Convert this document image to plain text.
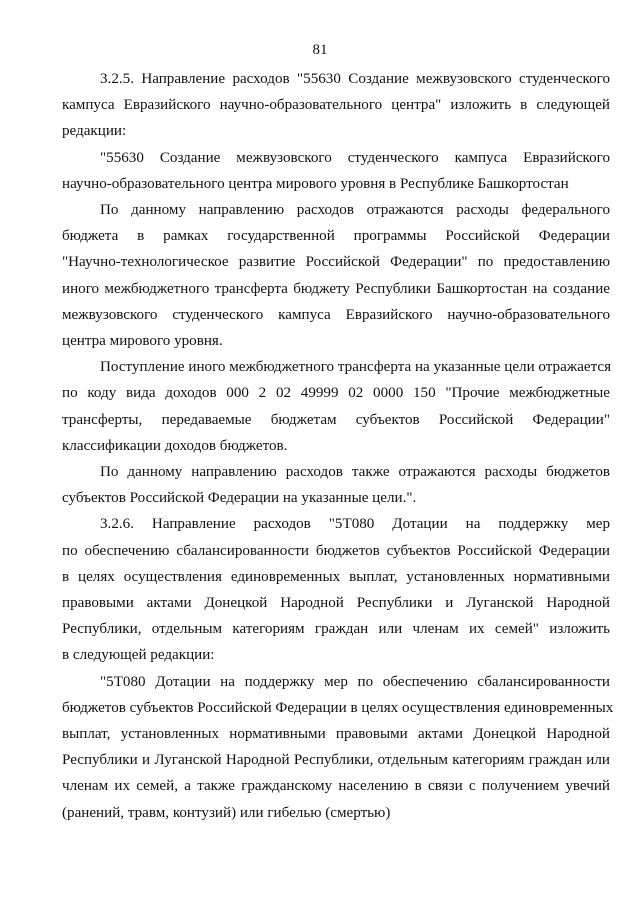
81
3.2.5. Направление расходов "55630 Создание межвузовского студенческого
кампуса Евразийского научно-образовательного центра" изложить в следующей
редакции:
"55630 Создание межвузовского студенческого кампуса Евразийского
научно-образовательного центра мирового уровня в Республике Башкортостан
По данному направлению расходов отражаются расходы федерального
бюджета в рамках государственной программы Российской Федерации
"Научно-технологическое развитие Российской Федерации" по предоставлению
иного межбюджетного трансферта бюджету Республики Башкортостан на создание
межвузовского студенческого кампуса Евразийского научно-образовательного
центра мирового уровня.
Поступление иного межбюджетного трансферта на указанные цели отражается
по коду вида доходов 000 2 02 49999 02 0000 150 "Прочие межбюджетные
трансферты, передаваемые бюджетам субъектов Российской Федерации"
классификации доходов бюджетов.
По данному направлению расходов также отражаются расходы бюджетов
субъектов Российской Федерации на указанные цели.".
3.2.6. Направление расходов "5Т080 Дотации на поддержку мер
по обеспечению сбалансированности бюджетов субъектов Российской Федерации
в целях осуществления единовременных выплат, установленных нормативными
правовыми актами Донецкой Народной Республики и Луганской Народной
Республики, отдельным категориям граждан или членам их семей" изложить
в следующей редакции:
"5Т080 Дотации на поддержку мер по обеспечению сбалансированности
бюджетов субъектов Российской Федерации в целях осуществления единовременных
выплат, установленных нормативными правовыми актами Донецкой Народной
Республики и Луганской Народной Республики, отдельным категориям граждан или
членам их семей, а также гражданскому населению в связи с получением увечий
(ранений, травм, контузий) или гибелью (смертью)
